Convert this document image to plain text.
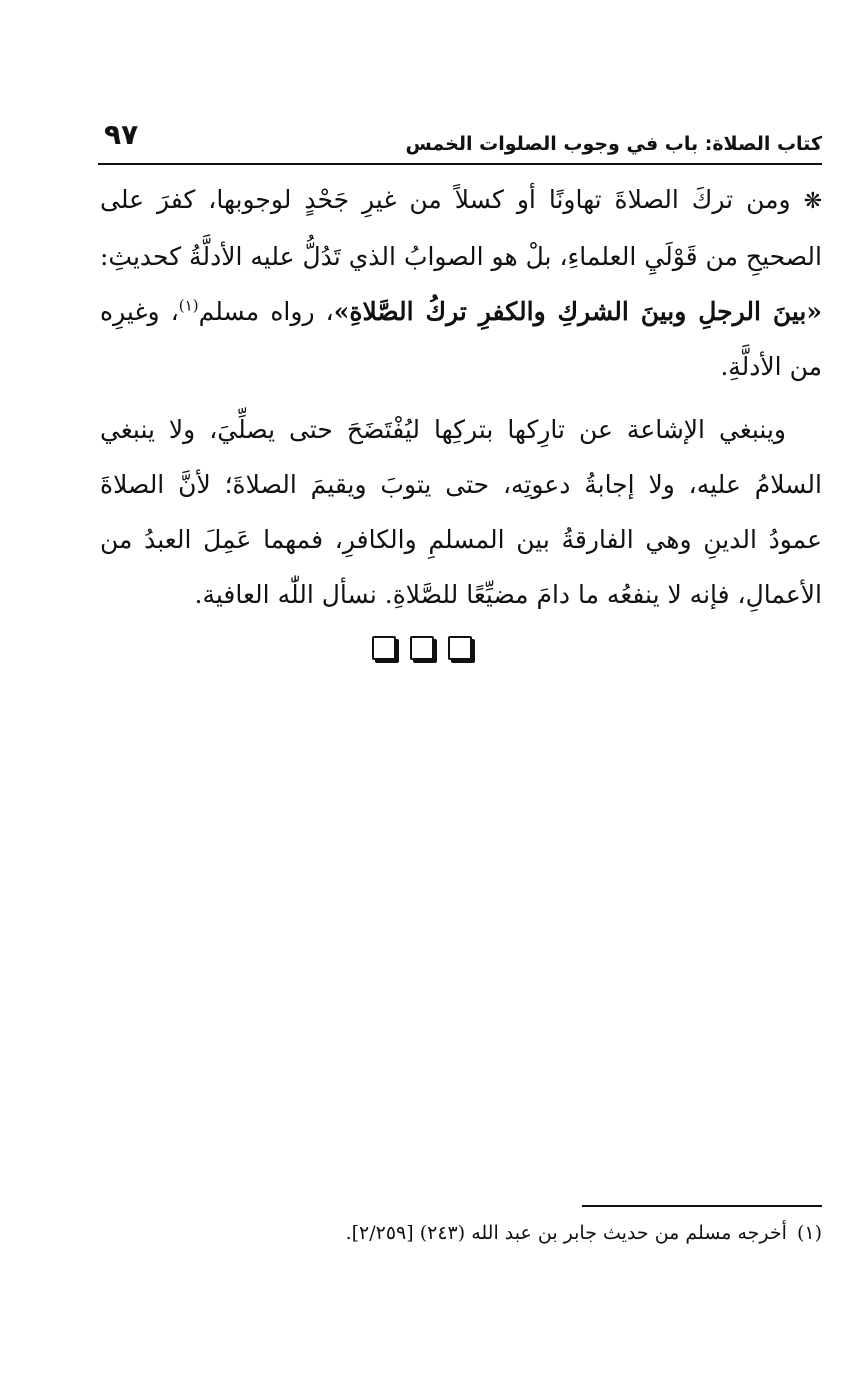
٩٧	كتاب الصلاة: باب في وجوب الصلوات الخمس

❋ ومن تركَ الصلاةَ تهاونًا أو كسلاً من غيرِ جَحْدٍ لوجوبها، كفرَ على الصحيحِ من قَوْلَيِ العلماءِ، بلْ هو الصوابُ الذي تَدُلُّ عليه الأدلَّةُ كحديثِ: «بينَ الرجلِ وبينَ الشركِ والكفرِ تركُ الصَّلاةِ»، رواه مسلم$^{(١)}$، وغيرِه من الأدلَّةِ.

وينبغي الإشاعة عن تارِكها بتركِها ليُفْتَضَحَ حتى يصلِّيَ، ولا ينبغي السلامُ عليه، ولا إجابةُ دعوتِه، حتى يتوبَ ويقيمَ الصلاةَ؛ لأنَّ الصلاةَ عمودُ الدينِ وهي الفارقةُ بين المسلمِ والكافرِ، فمهما عَمِلَ العبدُ من الأعمالِ، فإنه لا ينفعُه ما دامَ مضيِّعًا للصَّلاةِ. نسأل اللّٰه العافية.

(١)أخرجه مسلم من حديث جابر بن عبد الله (٢٤٣) [٢/٢٥٩].
